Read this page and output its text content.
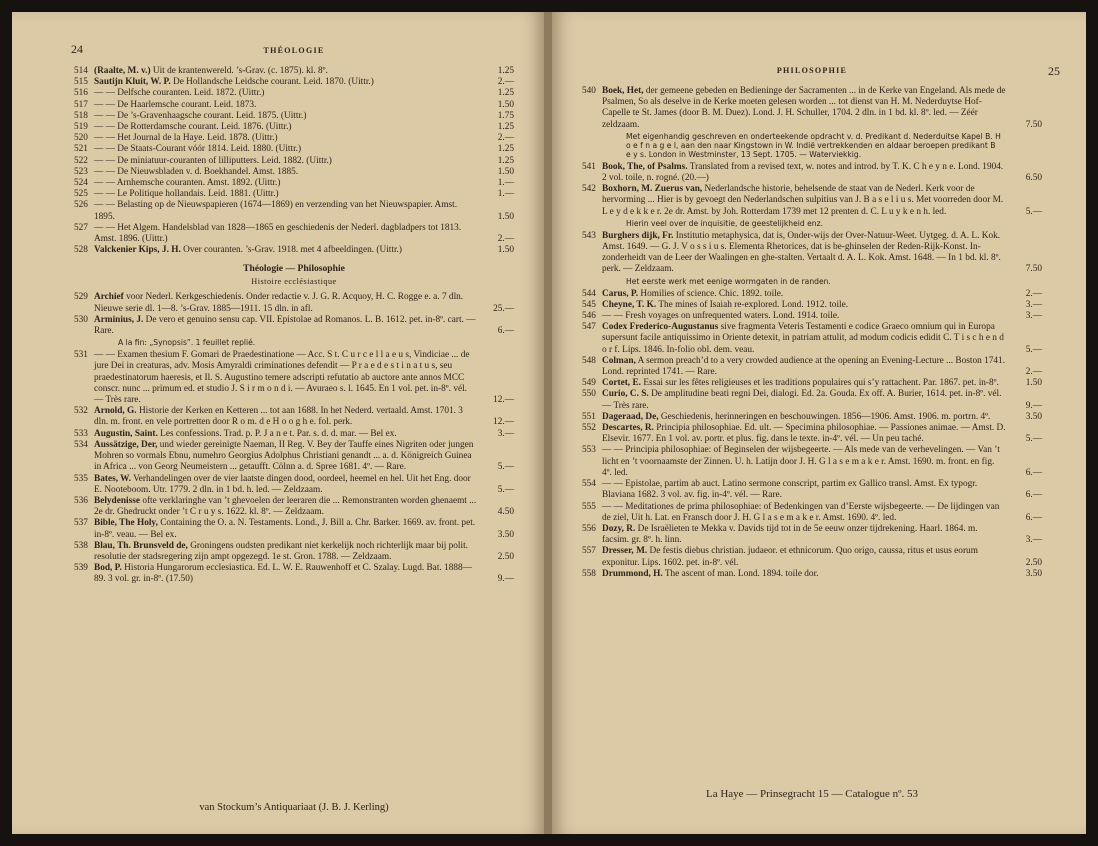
24	THÉOLOGIE
514 (Raalte, M. v.) Uit de krantenwereld. ’s-Grav. (c. 1875). kl. 8º.	1.25
515 Sautijn Kluit, W. P. De Hollandsche Leidsche courant. Leid. 1870. (Uittr.)	2.—
516 — — Delfsche couranten. Leid. 1872. (Uittr.)	1.25
517 — — De Haarlemsche courant. Leid. 1873.	1.50
518 — — De ’s-Gravenhaagsche courant. Leid. 1875. (Uittr.)	1.75
519 — — De Rotterdamsche courant. Leid. 1876. (Uittr.)	1.25
520 — — Het Journal de la Haye. Leid. 1878. (Uittr.)	2.—
521 — — De Staats-Courant vóór 1814. Leid. 1880. (Uittr.)	1.25
522 — — De miniatuur-couranten of lilliputters. Leid. 1882. (Uittr.)	1.25
523 — — De Nieuwsbladen v. d. Boekhandel. Amst. 1885.	1.50
524 — — Arnhemsche couranten. Amst. 1892. (Uittr.)	1.—
525 — — Le Politique hollandais. Leid. 1881. (Uittr.)	1.—
526 — — Belasting op de Nieuwspapieren (1674—1869) en verzending van het Nieuwspapier. Amst. 1895.	1.50
527 — — Het Algem. Handelsblad van 1828—1865 en geschiedenis der Nederl. dagbladpers tot 1813. Amst. 1896. (Uittr.)	2.—
528 Valckenier Kips, J. H. Over couranten. ’s-Grav. 1918. met 4 afbeeldingen. (Uittr.)	1.50
Théologie — Philosophie
Histoire ecclésiastique
529 Archief voor Nederl. Kerkgeschiedenis. Onder redactie v. J. G. R. Acquoy, H. C. Rogge e. a. 7 dln. Nieuwe serie dl. 1—8. ’s-Grav. 1885—1911. 15 dln. in afl.	25.—
530 Arminius, J. De vero et genuino sensu cap. VII. Epistolae ad Romanos. L. B. 1612. pet. in-8º. cart. — Rare.	6.—
A la fin: „Synopsis”. 1 feuillet replié.
531 — — Examen thesium F. Gomari de Praedestinatione — Acc. S t. C u r c e l l a e u s, Vindiciae ... de jure Dei in creaturas, adv. Mosis Amyraldi criminationes defendit — P r a e d e s t i n a t u s, seu praedestinatorum haeresis, et Il. S. Augustino temere adscripti refutatio ab auctore ante annos MCC conscr. nunc ... primum ed. et studio J. S i r m o n d i. — Avuraeo s. l. 1645. En 1 vol. pet. in-8º. vél. — Très rare.	12.—
532 Arnold, G. Historie der Kerken en Ketteren ... tot aan 1688. In het Nederd. vertaald. Amst. 1701. 3 dln. m. front. en vele portretten door R o m. d e H o o g h e. fol. perk.	12.—
533 Augustin, Saint. Les confessions. Trad. p. P. J a n e t. Par. s. d. d. mar. — Bel ex.	3.—
534 Aussätzige, Der, und wieder gereinigte Naeman, II Reg. V. Bey der Tauffe eines Nigriten oder jungen Mohren so vormals Ebnu, numehro Georgius Adolphus Christiani genandt ... a. d. Königreich Guinea in Africa ... von Georg Neumeistern ... getaufft. Cölnn a. d. Spree 1681. 4º. — Rare.	5.—
535 Bates, W. Verhandelingen over de vier laatste dingen dood, oordeel, heemel en hel. Uit het Eng. door E. Nooteboom. Utr. 1779. 2 dln. in 1 bd. h. led. — Zeldzaam.	5.—
536 Belydenisse ofte verklaringhe van ’t ghevoelen der leeraren die ... Remonstranten worden ghenaemt ... 2e dr. Ghedruckt onder ’t C r u y s. 1622. kl. 8º. — Zeldzaam.	4.50
537 Bible, The Holy, Containing the O. a. N. Testaments. Lond., J. Bill a. Chr. Barker. 1669. av. front. pet. in-8º. veau. — Bel ex.	3.50
538 Blau, Th. Brunsveld de, Groningens oudsten predikant niet kerkelijk noch richterlijk maar bij polit. resolutie der stadsregering zijn ampt opgezegd. 1e st. Gron. 1788. — Zeldzaam.	2.50
539 Bod, P. Historia Hungarorum ecclesiastica. Ed. L. W. E. Rauwenhoff et C. Szalay. Lugd. Bat. 1888—89. 3 vol. gr. in-8º. (17.50)	9.—
van Stockum’s Antiquariaat (J. B. J. Kerling)
PHILOSOPHIE	25
540 Boek, Het, der gemeene gebeden en Bedieninge der Sacramenten ... in de Kerke van Engeland. Als mede de Psalmen, So als deselve in de Kerke moeten gelesen worden ... tot dienst van H. M. Nederduytse Hof-Capelle te St. James (door B. M. Duez). Lond. J. H. Schuller, 1704. 2 dln. in 1 bd. kl. 8º. led. — Zéér zeldzaam.	7.50
Met eigenhandig geschreven en onderteekende opdracht v. d. Predikant d. Nederduitse Kapel B. H o e f n a g e l, aan den naar Kingstown in W. Indië vertrekkenden en aldaar beroepen predikant B e y s. London in Westminster, 13 Sept. 1705. — Waterviekkig.
541 Book, The, of Psalms. Translated from a revised text, w. notes and introd. by T. K. C h e y n e. Lond. 1904. 2 vol. toile, n. rogné. (20.—)	6.50
542 Boxhorn, M. Zuerus van, Nederlandsche historie, behelsende de staat van de Nederl. Kerk voor de hervorming ... Hier is by gevoegt den Nederlandschen sulpitius van J. B a s e l i u s. Met voorreden door M. L e y d e k k e r. 2e dr. Amst. by Joh. Rotterdam 1739 met 12 prenten d. C. L u y k e n h. led.	5.—
Hierin veel over de inquisitie, de geestelijkheid enz.
543 Burghers dijk, Fr. Institutio metaphysica, dat is, Onder-wijs der Over-Natuur-Weet. Uytgeg. d. A. L. Kok. Amst. 1649. — G. J. V o s s i u s. Elementa Rhetorices, dat is be-ghinselen der Reden-Rijk-Konst. In-zonderheidt van de Leer der Waalingen en ghe-stalten. Vertaalt d. A. L. Kok. Amst. 1648. — In 1 bd. kl. 8º. perk. — Zeldzaam.	7.50
Het eerste werk met eenige wormgaten in de randen.
544 Carus, P. Homilies of science. Chic. 1892. toile.	2.—
545 Cheyne, T. K. The mines of Isaiah re-explored. Lond. 1912. toile.	3.—
546 — — Fresh voyages on unfrequented waters. Lond. 1914. toile.	3.—
547 Codex Frederico-Augustanus sive fragmenta Veteris Testamenti e codice Graeco omnium qui in Europa supersunt facile antiquissimo in Oriente detexit, in patriam attulit, ad modum codicis edidit C. T i s c h e n d o r f. Lips. 1846. In-folio obl. dem. veau.	5.—
548 Colman, A sermon preach’d to a very crowded audience at the opening an Evening-Lecture ... Boston 1741. Lond. reprinted 1741. — Rare.	2.—
549 Cortet, E. Essai sur les fêtes religieuses et les traditions populaires qui s’y rattachent. Par. 1867. pet. in-8º.	1.50
550 Curio, C. S. De amplitudine beati regni Dei, dialogi. Ed. 2a. Gouda. Ex off. A. Burier, 1614. pet. in-8º. vél. — Très rare.	9.—
551 Dageraad, De, Geschiedenis, herinneringen en beschouwingen. 1856—1906. Amst. 1906. m. portrn. 4º.	3.50
552 Descartes, R. Principia philosophiae. Ed. ult. — Specimina philosophiae. — Passiones animae. — Amst. D. Elsevir. 1677. En 1 vol. av. portr. et plus. fig. dans le texte. in-4º. vél. — Un peu taché.	5.—
553 — — Principia philosophiae: of Beginselen der wijsbegeerte. — Als mede van de verhevelingen. — Van ’t licht en ’t voornaamste der Zinnen. U. h. Latijn door J. H. G l a s e m a k e r. Amst. 1690. m. front. en fig. 4º. led.	6.—
554 — — Epistolae, partim ab auct. Latino sermone conscript, partim ex Gallico transl. Amst. Ex typogr. Blaviana 1682. 3 vol. av. fig. in-4º. vél. — Rare.	6.—
555 — — Meditationes de prima philosophiae: of Bedenkingen van d’Eerste wijsbegeerte. — De lijdingen van de ziel, Uit h. Lat. en Fransch door J. H. G l a s e m a k e r. Amst. 1690. 4º. led.	6.—
556 Dozy, R. De Israëlieten te Mekka v. Davids tijd tot in de 5e eeuw onzer tijdrekening. Haarl. 1864. m. facsim. gr. 8º. h. linn.	3.—
557 Dresser, M. De festis diebus christian. judaeor. et ethnicorum. Quo origo, caussa, ritus et usus eorum exponitur. Lips. 1602. pet. in-8º. vél.	2.50
558 Drummond, H. The ascent of man. Lond. 1894. toile dor.	3.50
La Haye — Prinsegracht 15 — Catalogue nº. 53
